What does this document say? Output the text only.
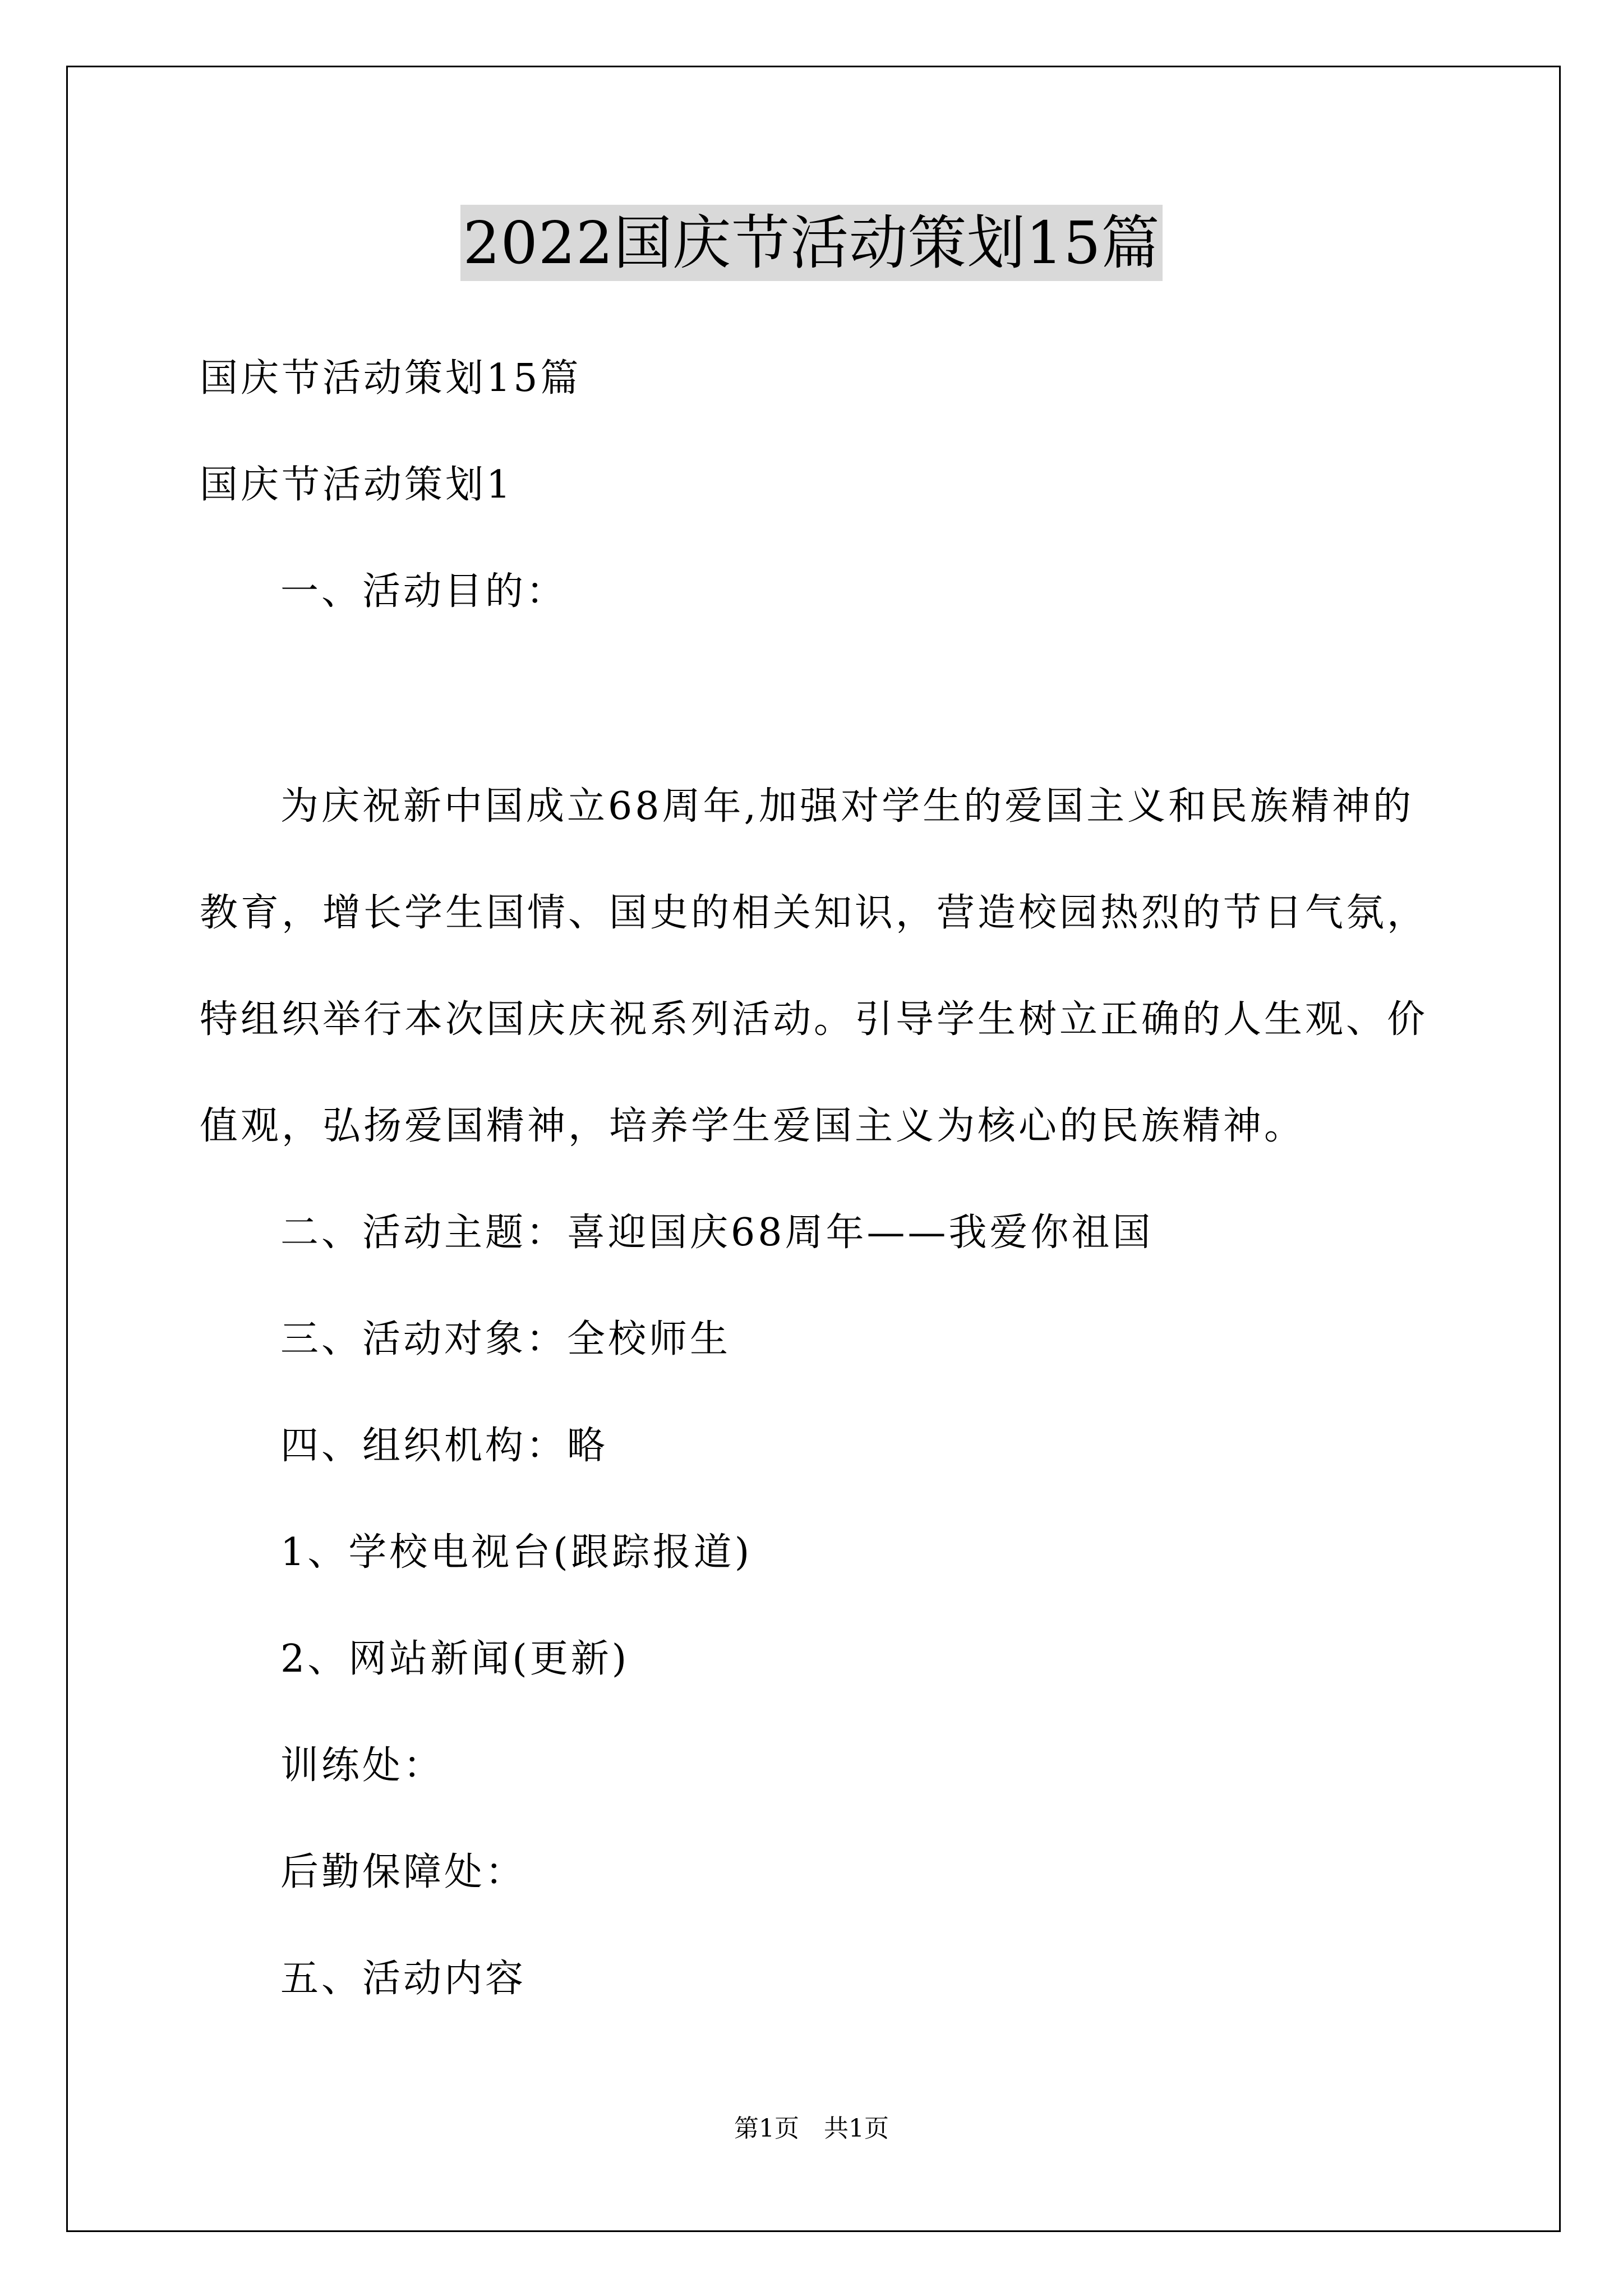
2022国庆节活动策划15篇
国庆节活动策划15篇
国庆节活动策划1
一、活动目的：
为庆祝新中国成立68周年,加强对学生的爱国主义和民族精神的
教育，增长学生国情、国史的相关知识，营造校园热烈的节日气氛，
特组织举行本次国庆庆祝系列活动。引导学生树立正确的人生观、价
值观，弘扬爱国精神，培养学生爱国主义为核心的民族精神。
二、活动主题：喜迎国庆68周年——我爱你祖国
三、活动对象：全校师生
四、组织机构：略
1、学校电视台(跟踪报道)
2、网站新闻(更新)
训练处：
后勤保障处：
五、活动内容
第1页　共1页
